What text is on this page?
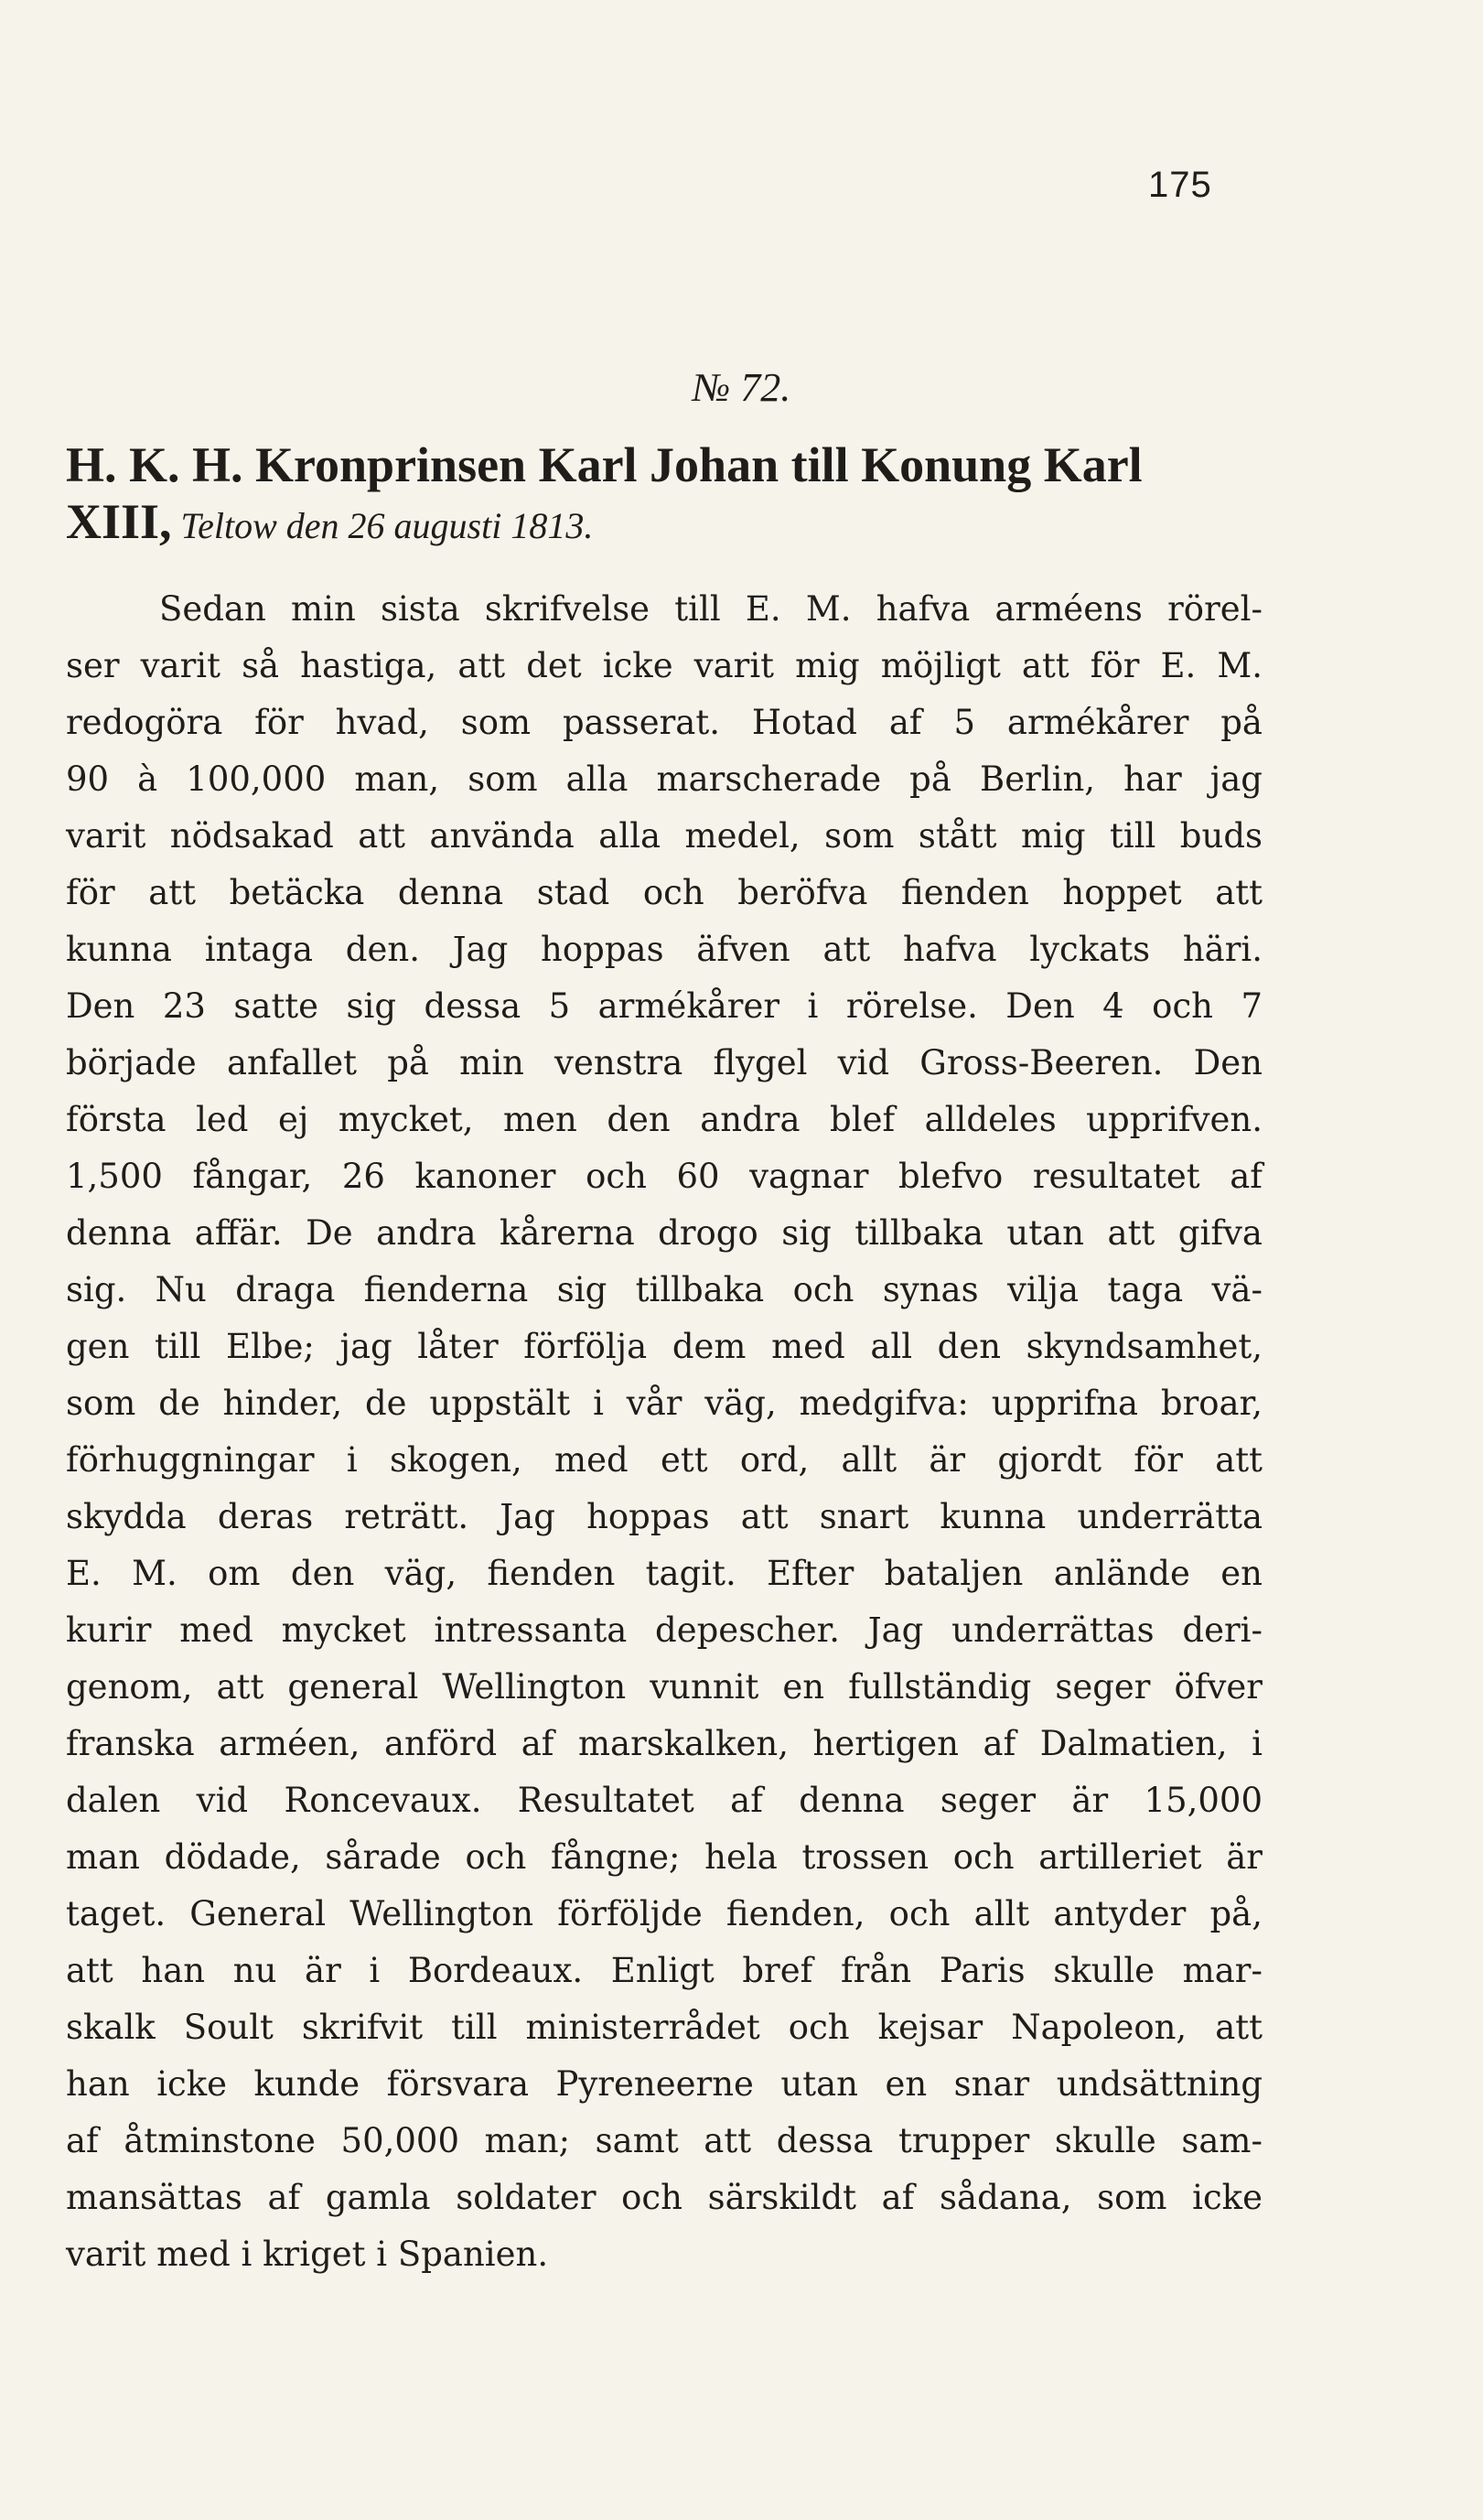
175
№ 72.
H. K. H. Kronprinsen Karl Johan till Konung Karl
XIII, Teltow den 26 augusti 1813.
Sedan min sista skrifvelse till E. M. hafva arméens rörel-
ser varit så hastiga, att det icke varit mig möjligt att för E. M.
redogöra för hvad, som passerat. Hotad af 5 armékårer på
90 à 100,000 man, som alla marscherade på Berlin, har jag
varit nödsakad att använda alla medel, som stått mig till buds
för att betäcka denna stad och beröfva fienden hoppet att
kunna intaga den. Jag hoppas äfven att hafva lyckats häri.
Den 23 satte sig dessa 5 armékårer i rörelse. Den 4 och 7
började anfallet på min venstra flygel vid Gross-Beeren. Den
första led ej mycket, men den andra blef alldeles upprifven.
1,500 fångar, 26 kanoner och 60 vagnar blefvo resultatet af
denna affär. De andra kårerna drogo sig tillbaka utan att gifva
sig. Nu draga fienderna sig tillbaka och synas vilja taga vä-
gen till Elbe; jag låter förfölja dem med all den skyndsamhet,
som de hinder, de uppstält i vår väg, medgifva: upprifna broar,
förhuggningar i skogen, med ett ord, allt är gjordt för att
skydda deras reträtt. Jag hoppas att snart kunna underrätta
E. M. om den väg, fienden tagit. Efter bataljen anlände en
kurir med mycket intressanta depescher. Jag underrättas deri-
genom, att general Wellington vunnit en fullständig seger öfver
franska arméen, anförd af marskalken, hertigen af Dalmatien, i
dalen vid Roncevaux. Resultatet af denna seger är 15,000
man dödade, sårade och fångne; hela trossen och artilleriet är
taget. General Wellington förföljde fienden, och allt antyder på,
att han nu är i Bordeaux. Enligt bref från Paris skulle mar-
skalk Soult skrifvit till ministerrådet och kejsar Napoleon, att
han icke kunde försvara Pyreneerne utan en snar undsättning
af åtminstone 50,000 man; samt att dessa trupper skulle sam-
mansättas af gamla soldater och särskildt af sådana, som icke
varit med i kriget i Spanien.
